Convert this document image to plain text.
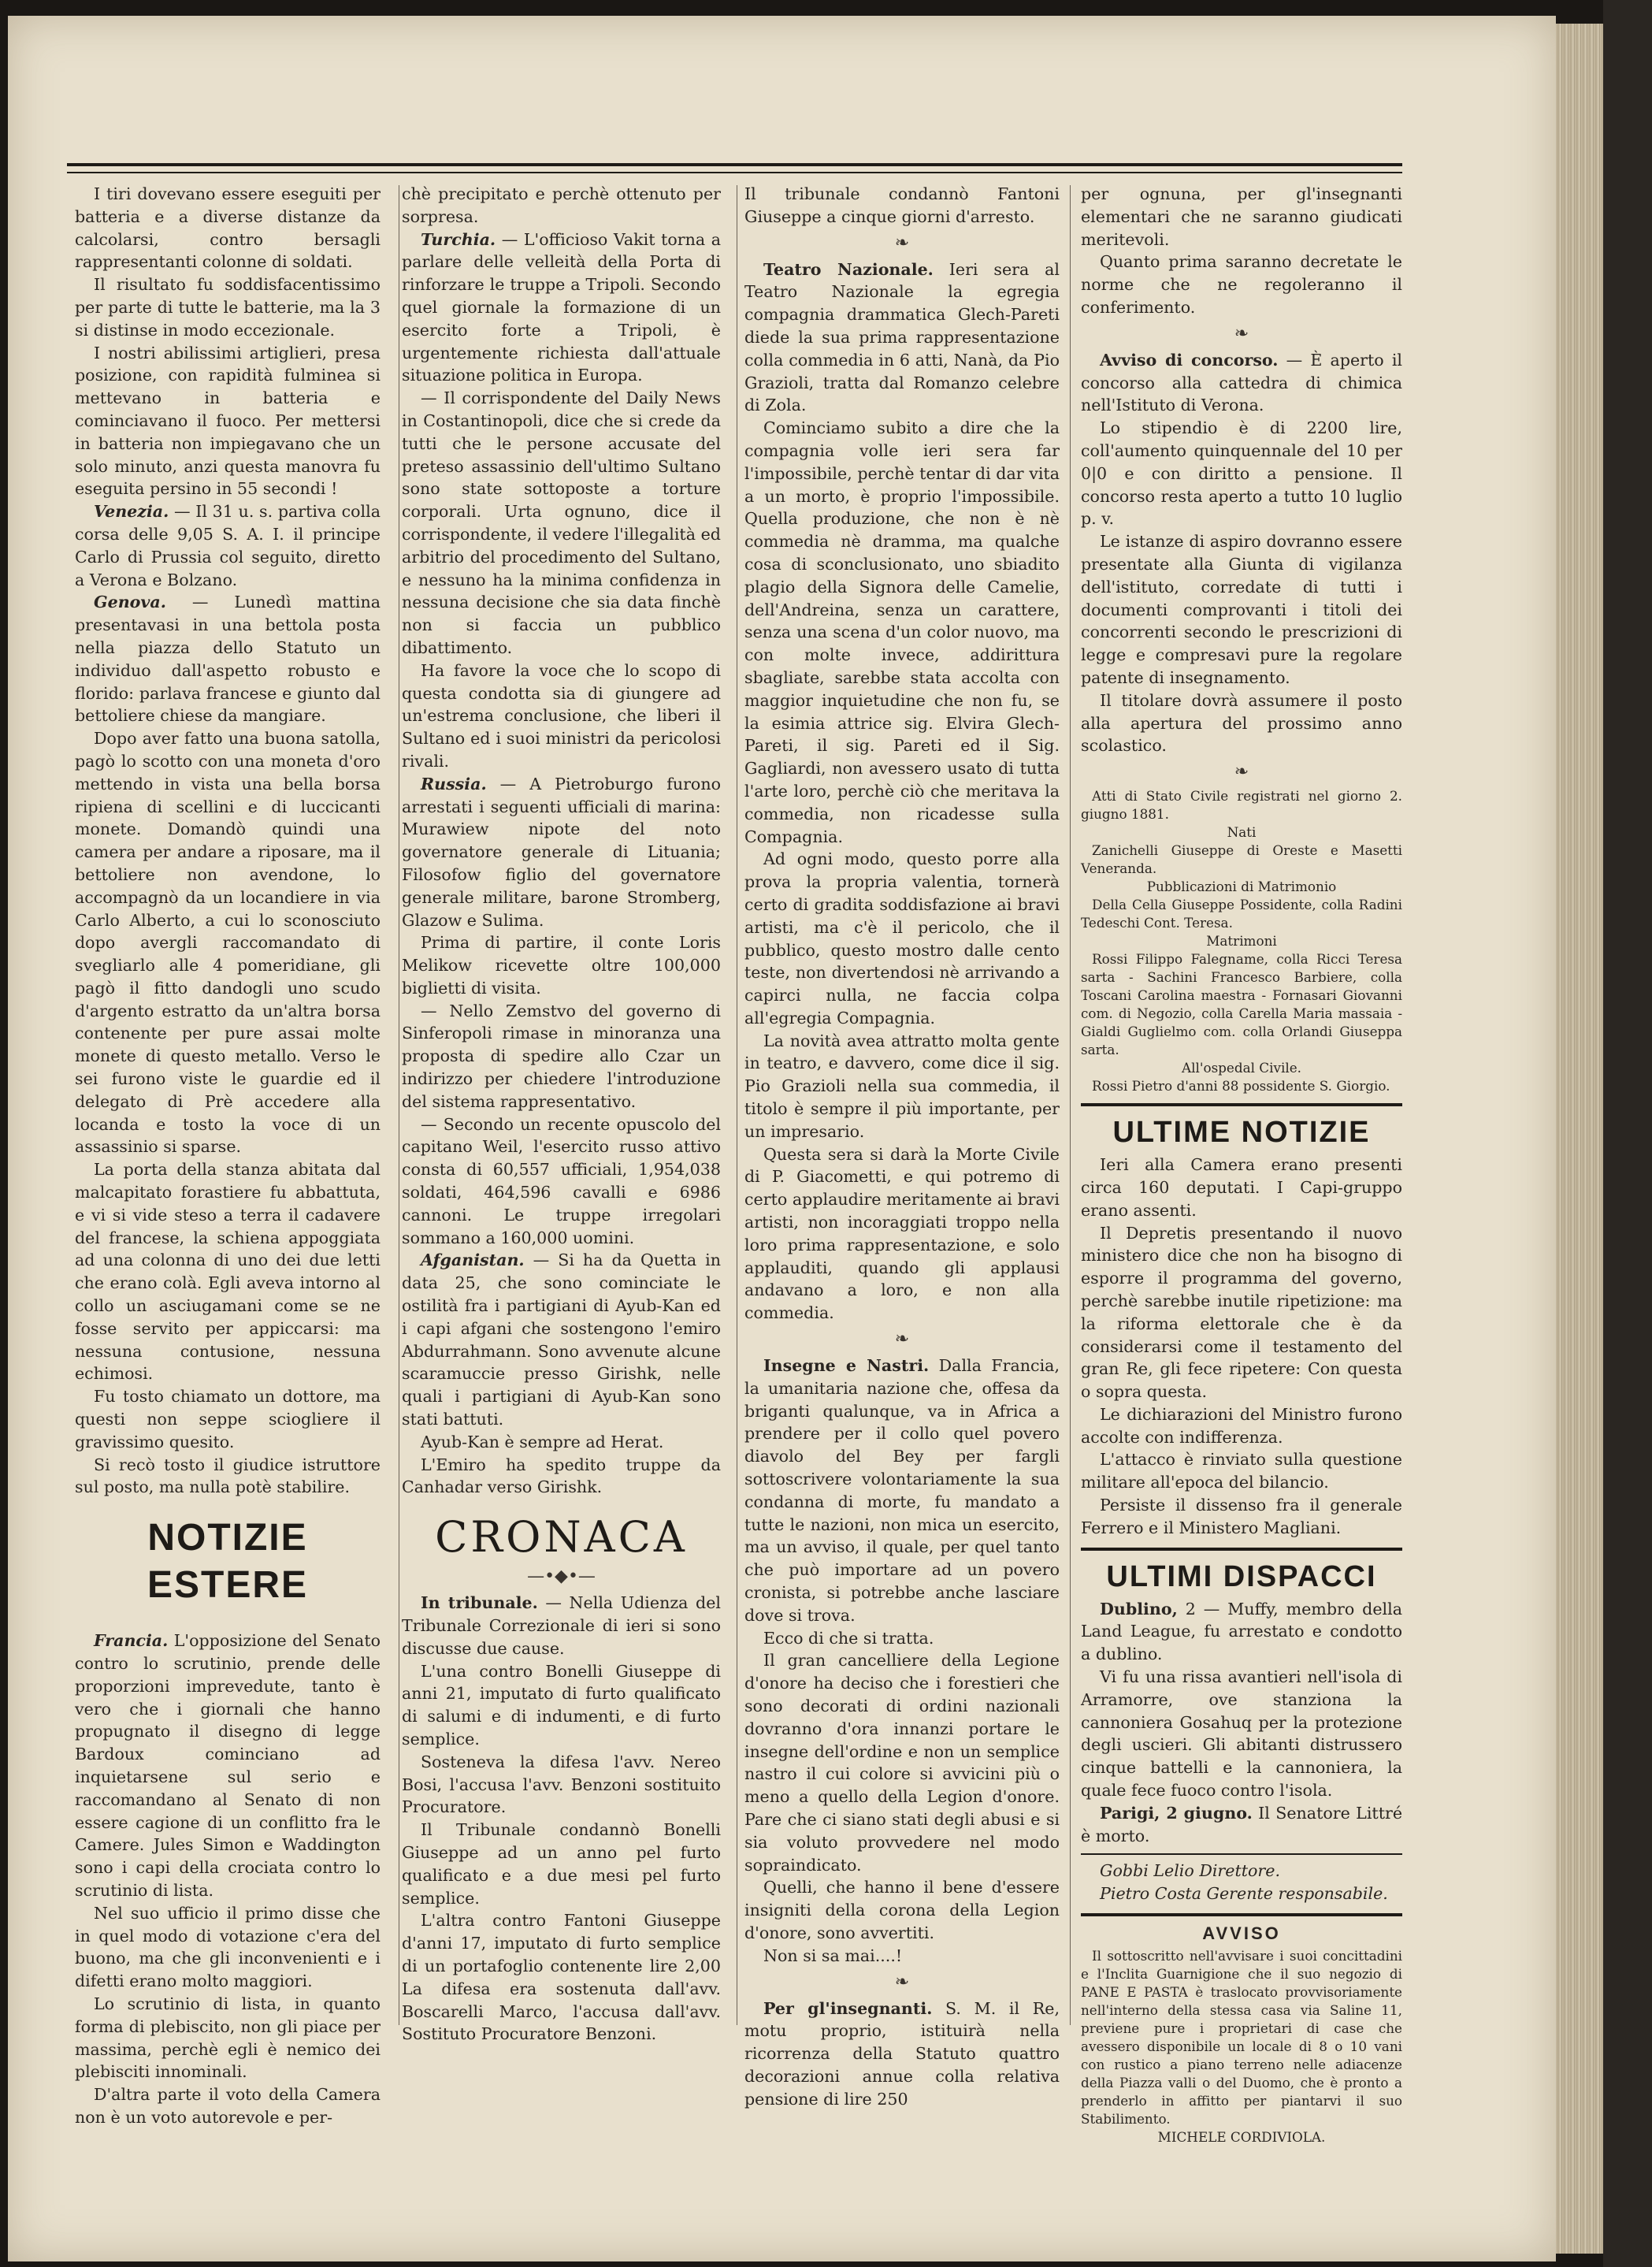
I tiri dovevano essere eseguiti per batteria e a diverse distanze da calcolarsi, contro bersagli rappresentanti colonne di soldati.

Il risultato fu soddisfacentissimo per parte di tutte le batterie, ma la 3 si distinse in modo eccezionale.

I nostri abilissimi artiglieri, presa posizione, con rapidità fulminea si mettevano in batteria e cominciavano il fuoco. Per mettersi in batteria non impiegavano che un solo minuto, anzi questa manovra fu eseguita persino in 55 secondi !

Venezia. — Il 31 u. s. partiva colla corsa delle 9,05 S. A. I. il principe Carlo di Prussia col seguito, diretto a Verona e Bolzano.

Genova. — Lunedì mattina presentavasi in una bettola posta nella piazza dello Statuto un individuo dall'aspetto robusto e florido: parlava francese e giunto dal bettoliere chiese da mangiare.

Dopo aver fatto una buona satolla, pagò lo scotto con una moneta d'oro mettendo in vista una bella borsa ripiena di scellini e di luccicanti monete. Domandò quindi una camera per andare a riposare, ma il bettoliere non avendone, lo accompagnò da un locandiere in via Carlo Alberto, a cui lo sconosciuto dopo avergli raccomandato di svegliarlo alle 4 pomeridiane, gli pagò il fitto dandogli uno scudo d'argento estratto da un'altra borsa contenente per pure assai molte monete di questo metallo. Verso le sei furono viste le guardie ed il delegato di Prè accedere alla locanda e tosto la voce di un assassinio si sparse.

La porta della stanza abitata dal malcapitato forastiere fu abbattuta, e vi si vide steso a terra il cadavere del francese, la schiena appoggiata ad una colonna di uno dei due letti che erano colà. Egli aveva intorno al collo un asciugamani come se ne fosse servito per appiccarsi: ma nessuna contusione, nessuna echimosi.

Fu tosto chiamato un dottore, ma questi non seppe sciogliere il gravissimo quesito.

Si recò tosto il giudice istruttore sul posto, ma nulla potè stabilire.

NOTIZIE ESTERE

Francia. L'opposizione del Senato contro lo scrutinio, prende delle proporzioni imprevedute, tanto è vero che i giornali che hanno propugnato il disegno di legge Bardoux cominciano ad inquietarsene sul serio e raccomandano al Senato di non essere cagione di un conflitto fra le Camere. Jules Simon e Waddington sono i capi della crociata contro lo scrutinio di lista.

Nel suo ufficio il primo disse che in quel modo di votazione c'era del buono, ma che gli inconvenienti e i difetti erano molto maggiori.

Lo scrutinio di lista, in quanto forma di plebiscito, non gli piace per massima, perchè egli è nemico dei plebisciti innominali.

D'altra parte il voto della Camera non è un voto autorevole e per-

chè precipitato e perchè ottenuto per sorpresa.

Turchia. — L'officioso Vakit torna a parlare delle velleità della Porta di rinforzare le truppe a Tripoli. Secondo quel giornale la formazione di un esercito forte a Tripoli, è urgentemente richiesta dall'attuale situazione politica in Europa.

— Il corrispondente del Daily News in Costantinopoli, dice che si crede da tutti che le persone accusate del preteso assassinio dell'ultimo Sultano sono state sottoposte a torture corporali. Urta ognuno, dice il corrispondente, il vedere l'illegalità ed arbitrio del procedimento del Sultano, e nessuno ha la minima confidenza in nessuna decisione che sia data finchè non si faccia un pubblico dibattimento.

Ha favore la voce che lo scopo di questa condotta sia di giungere ad un'estrema conclusione, che liberi il Sultano ed i suoi ministri da pericolosi rivali.

Russia. — A Pietroburgo furono arrestati i seguenti ufficiali di marina: Murawiew nipote del noto governatore generale di Lituania; Filosofow figlio del governatore generale militare, barone Stromberg, Glazow e Sulima.

Prima di partire, il conte Loris Melikow ricevette oltre 100,000 biglietti di visita.

— Nello Zemstvo del governo di Sinferopoli rimase in minoranza una proposta di spedire allo Czar un indirizzo per chiedere l'introduzione del sistema rappresentativo.

— Secondo un recente opuscolo del capitano Weil, l'esercito russo attivo consta di 60,557 ufficiali, 1,954,038 soldati, 464,596 cavalli e 6986 cannoni. Le truppe irregolari sommano a 160,000 uomini.

Afganistan. — Si ha da Quetta in data 25, che sono cominciate le ostilità fra i partigiani di Ayub-Kan ed i capi afgani che sostengono l'emiro Abdurrahmann. Sono avvenute alcune scaramuccie presso Girishk, nelle quali i partigiani di Ayub-Kan sono stati battuti.

Ayub-Kan è sempre ad Herat.

L'Emiro ha spedito truppe da Canhadar verso Girishk.

CRONACA
—•◆•—

In tribunale. — Nella Udienza del Tribunale Correzionale di ieri si sono discusse due cause.

L'una contro Bonelli Giuseppe di anni 21, imputato di furto qualificato di salumi e di indumenti, e di furto semplice.

Sosteneva la difesa l'avv. Nereo Bosi, l'accusa l'avv. Benzoni sostituito Procuratore.

Il Tribunale condannò Bonelli Giuseppe ad un anno pel furto qualificato e a due mesi pel furto semplice.

L'altra contro Fantoni Giuseppe d'anni 17, imputato di furto semplice di un portafoglio contenente lire 2,00 La difesa era sostenuta dall'avv. Boscarelli Marco, l'accusa dall'avv. Sostituto Procuratore Benzoni.

Il tribunale condannò Fantoni Giuseppe a cinque giorni d'arresto.

❧

Teatro Nazionale. Ieri sera al Teatro Nazionale la egregia compagnia drammatica Glech-Pareti diede la sua prima rappresentazione colla commedia in 6 atti, Nanà, da Pio Grazioli, tratta dal Romanzo celebre di Zola.

Cominciamo subito a dire che la compagnia volle ieri sera far l'impossibile, perchè tentar di dar vita a un morto, è proprio l'impossibile. Quella produzione, che non è nè commedia nè dramma, ma qualche cosa di sconclusionato, uno sbiadito plagio della Signora delle Camelie, dell'Andreina, senza un carattere, senza una scena d'un color nuovo, ma con molte invece, addirittura sbagliate, sarebbe stata accolta con maggior inquietudine che non fu, se la esimia attrice sig. Elvira Glech-Pareti, il sig. Pareti ed il Sig. Gagliardi, non avessero usato di tutta l'arte loro, perchè ciò che meritava la commedia, non ricadesse sulla Compagnia.

Ad ogni modo, questo porre alla prova la propria valentia, tornerà certo di gradita soddisfazione ai bravi artisti, ma c'è il pericolo, che il pubblico, questo mostro dalle cento teste, non divertendosi nè arrivando a capirci nulla, ne faccia colpa all'egregia Compagnia.

La novità avea attratto molta gente in teatro, e davvero, come dice il sig. Pio Grazioli nella sua commedia, il titolo è sempre il più importante, per un impresario.

Questa sera si darà la Morte Civile di P. Giacometti, e qui potremo di certo applaudire meritamente ai bravi artisti, non incoraggiati troppo nella loro prima rappresentazione, e solo applauditi, quando gli applausi andavano a loro, e non alla commedia.

❧

Insegne e Nastri. Dalla Francia, la umanitaria nazione che, offesa da briganti qualunque, va in Africa a prendere per il collo quel povero diavolo del Bey per fargli sottoscrivere volontariamente la sua condanna di morte, fu mandato a tutte le nazioni, non mica un esercito, ma un avviso, il quale, per quel tanto che può importare ad un povero cronista, si potrebbe anche lasciare dove si trova.

Ecco di che si tratta.

Il gran cancelliere della Legione d'onore ha deciso che i forestieri che sono decorati di ordini nazionali dovranno d'ora innanzi portare le insegne dell'ordine e non un semplice nastro il cui colore si avvicini più o meno a quello della Legion d'onore. Pare che ci siano stati degli abusi e si sia voluto provvedere nel modo sopraindicato.

Quelli, che hanno il bene d'essere insigniti della corona della Legion d'onore, sono avvertiti.

Non si sa mai....!

❧

Per gl'insegnanti. S. M. il Re, motu proprio, istituirà nella ricorrenza della Statuto quattro decorazioni annue colla relativa pensione di lire 250

per ognuna, per gl'insegnanti elementari che ne saranno giudicati meritevoli.

Quanto prima saranno decretate le norme che ne regoleranno il conferimento.

❧

Avviso di concorso. — È aperto il concorso alla cattedra di chimica nell'Istituto di Verona.

Lo stipendio è di 2200 lire, coll'aumento quinquennale del 10 per 0|0 e con diritto a pensione. Il concorso resta aperto a tutto 10 luglio p. v.

Le istanze di aspiro dovranno essere presentate alla Giunta di vigilanza dell'istituto, corredate di tutti i documenti comprovanti i titoli dei concorrenti secondo le prescrizioni di legge e compresavi pure la regolare patente di insegnamento.

Il titolare dovrà assumere il posto alla apertura del prossimo anno scolastico.

❧

Atti di Stato Civile registrati nel giorno 2. giugno 1881.

Nati

Zanichelli Giuseppe di Oreste e Masetti Veneranda.

Pubblicazioni di Matrimonio

Della Cella Giuseppe Possidente, colla Radini Tedeschi Cont. Teresa.

Matrimoni

Rossi Filippo Falegname, colla Ricci Teresa sarta - Sachini Francesco Barbiere, colla Toscani Carolina maestra - Fornasari Giovanni com. di Negozio, colla Carella Maria massaia - Gialdi Guglielmo com. colla Orlandi Giuseppa sarta.

All'ospedal Civile.

Rossi Pietro d'anni 88 possidente S. Giorgio.

ULTIME NOTIZIE

Ieri alla Camera erano presenti circa 160 deputati. I Capi-gruppo erano assenti.

Il Depretis presentando il nuovo ministero dice che non ha bisogno di esporre il programma del governo, perchè sarebbe inutile ripetizione: ma la riforma elettorale che è da considerarsi come il testamento del gran Re, gli fece ripetere: Con questa o sopra questa.

Le dichiarazioni del Ministro furono accolte con indifferenza.

L'attacco è rinviato sulla questione militare all'epoca del bilancio.

Persiste il dissenso fra il generale Ferrero e il Ministero Magliani.

ULTIMI DISPACCI

Dublino, 2 — Muffy, membro della Land League, fu arrestato e condotto a dublino.

Vi fu una rissa avantieri nell'isola di Arramorre, ove stanziona la cannoniera Gosahuq per la protezione degli uscieri. Gli abitanti distrussero cinque battelli e la cannoniera, la quale fece fuoco contro l'isola.

Parigi, 2 giugno. Il Senatore Littré è morto.

Gobbi Lelio Direttore.

Pietro Costa Gerente responsabile.

AVVISO

Il sottoscritto nell'avvisare i suoi concittadini e l'Inclita Guarnigione che il suo negozio di PANE E PASTA è traslocato provvisoriamente nell'interno della stessa casa via Saline 11, previene pure i proprietari di case che avessero disponibile un locale di 8 o 10 vani con rustico a piano terreno nelle adiacenze della Piazza valli o del Duomo, che è pronto a prenderlo in affitto per piantarvi il suo Stabilimento.

MICHELE CORDIVIOLA.
